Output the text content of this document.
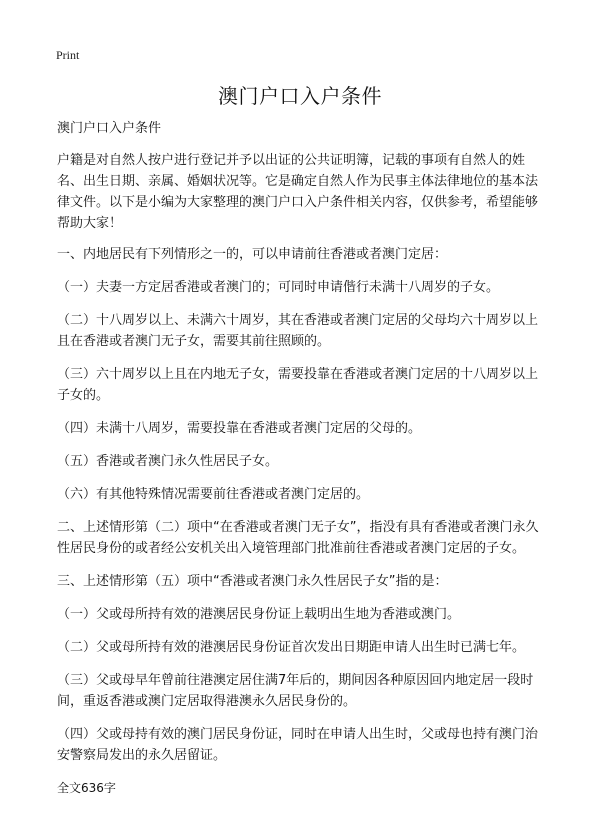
Print
澳门户口入户条件

澳门户口入户条件

户籍是对自然人按户进行登记并予以出证的公共证明簿，记载的事项有自然人的姓名、出生日期、亲属、婚姻状况等。它是确定自然人作为民事主体法律地位的基本法律文件。以下是小编为大家整理的澳门户口入户条件相关内容，仅供参考，希望能够帮助大家！

一、内地居民有下列情形之一的，可以申请前往香港或者澳门定居：

（一）夫妻一方定居香港或者澳门的；可同时申请偕行未满十八周岁的子女。

（二）十八周岁以上、未满六十周岁，其在香港或者澳门定居的父母均六十周岁以上且在香港或者澳门无子女，需要其前往照顾的。

（三）六十周岁以上且在内地无子女，需要投靠在香港或者澳门定居的十八周岁以上子女的。

（四）未满十八周岁，需要投靠在香港或者澳门定居的父母的。

（五）香港或者澳门永久性居民子女。

（六）有其他特殊情况需要前往香港或者澳门定居的。

二、上述情形第（二）项中“在香港或者澳门无子女”，指没有具有香港或者澳门永久性居民身份的或者经公安机关出入境管理部门批准前往香港或者澳门定居的子女。

三、上述情形第（五）项中“香港或者澳门永久性居民子女”指的是：

（一）父或母所持有效的港澳居民身份证上载明出生地为香港或澳门。

（二）父或母所持有效的港澳居民身份证首次发出日期距申请人出生时已满七年。

（三）父或母早年曾前往港澳定居住满7年后的，期间因各种原因回内地定居一段时间，重返香港或澳门定居取得港澳永久居民身份的。

（四）父或母持有效的澳门居民身份证，同时在申请人出生时，父或母也持有澳门治安警察局发出的永久居留证。

全文636字
